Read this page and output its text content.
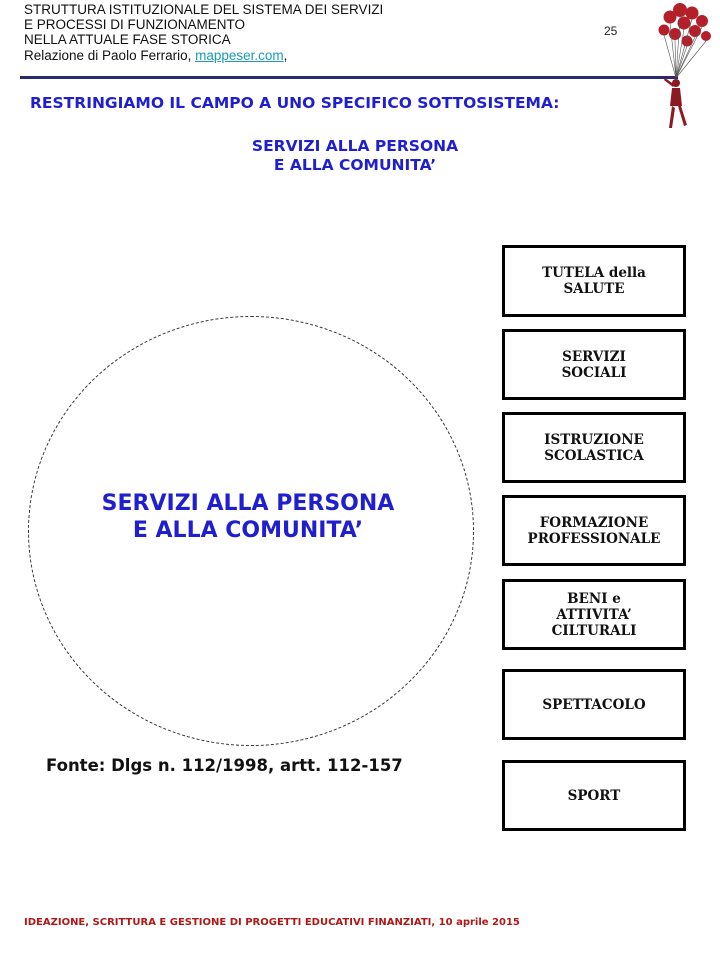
STRUTTURA ISTITUZIONALE DEL SISTEMA DEI SERVIZI
E PROCESSI DI FUNZIONAMENTO
NELLA ATTUALE FASE STORICA
Relazione di Paolo Ferrario, mappeser.com,
25
RESTRINGIAMO IL CAMPO A UNO SPECIFICO SOTTOSISTEMA:
SERVIZI ALLA PERSONA
E ALLA COMUNITA’
SERVIZI ALLA PERSONA
E ALLA COMUNITA’
Fonte: Dlgs n. 112/1998, artt. 112-157
TUTELA della
SALUTE
SERVIZI
SOCIALI
ISTRUZIONE
SCOLASTICA
FORMAZIONE
PROFESSIONALE
BENI e
ATTIVITA’
CILTURALI
SPETTACOLO
SPORT
IDEAZIONE, SCRITTURA E GESTIONE DI PROGETTI EDUCATIVI FINANZIATI, 10 aprile 2015
